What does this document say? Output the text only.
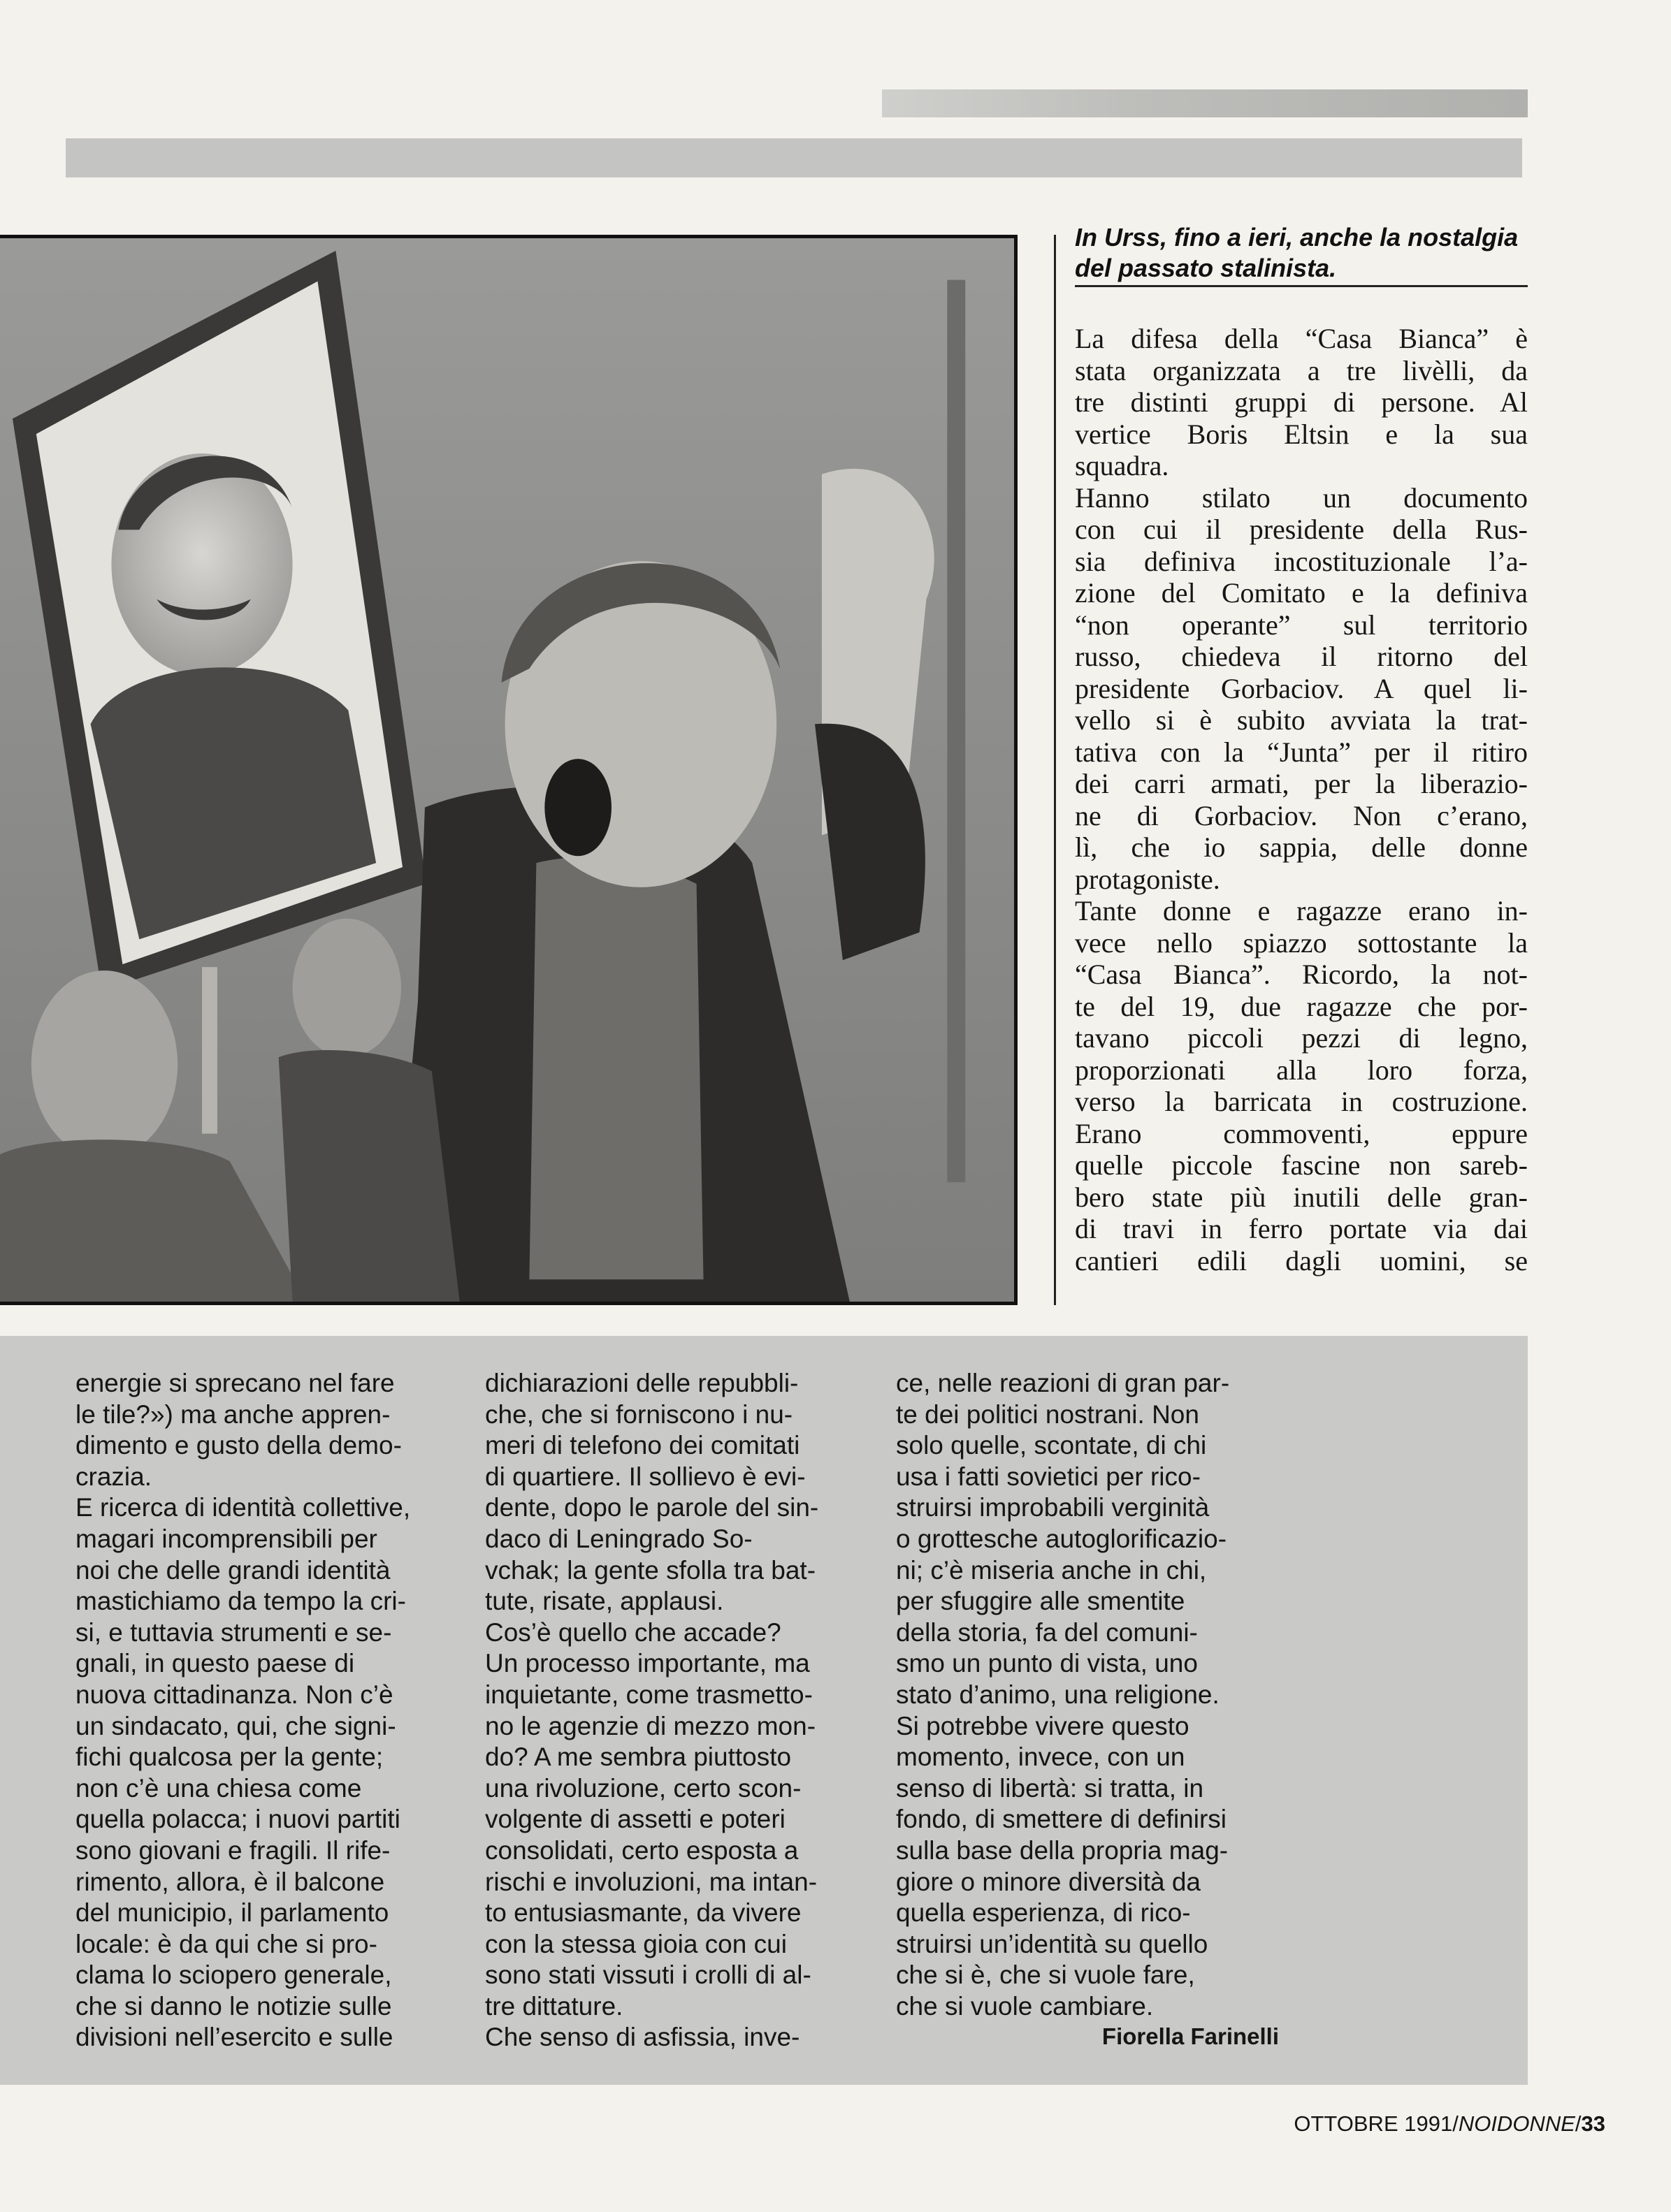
In Urss, fino a ieri, anche la nostalgia
del passato stalinista.
La difesa della “Casa Bianca” è
stata organizzata a tre livèlli, da
tre distinti gruppi di persone. Al
vertice Boris Eltsin e la sua
squadra.
Hanno stilato un documento
con cui il presidente della Rus-
sia definiva incostituzionale l’a-
zione del Comitato e la definiva
“non operante” sul territorio
russo, chiedeva il ritorno del
presidente Gorbaciov. A quel li-
vello si è subito avviata la trat-
tativa con la “Junta” per il ritiro
dei carri armati, per la liberazio-
ne di Gorbaciov. Non c’erano,
lì, che io sappia, delle donne
protagoniste.
Tante donne e ragazze erano in-
vece nello spiazzo sottostante la
“Casa Bianca”. Ricordo, la not-
te del 19, due ragazze che por-
tavano piccoli pezzi di legno,
proporzionati alla loro forza,
verso la barricata in costruzione.
Erano commoventi, eppure
quelle piccole fascine non sareb-
bero state più inutili delle gran-
di travi in ferro portate via dai
cantieri edili dagli uomini, se
energie si sprecano nel fare
le tile?») ma anche appren-
dimento e gusto della demo-
crazia.
E ricerca di identità collettive,
magari incomprensibili per
noi che delle grandi identità
mastichiamo da tempo la cri-
si, e tuttavia strumenti e se-
gnali, in questo paese di
nuova cittadinanza. Non c’è
un sindacato, qui, che signi-
fichi qualcosa per la gente;
non c’è una chiesa come
quella polacca; i nuovi partiti
sono giovani e fragili. Il rife-
rimento, allora, è il balcone
del municipio, il parlamento
locale: è da qui che si pro-
clama lo sciopero generale,
che si danno le notizie sulle
divisioni nell’esercito e sulle
dichiarazioni delle repubbli-
che, che si forniscono i nu-
meri di telefono dei comitati
di quartiere. Il sollievo è evi-
dente, dopo le parole del sin-
daco di Leningrado So-
vchak; la gente sfolla tra bat-
tute, risate, applausi.
Cos’è quello che accade?
Un processo importante, ma
inquietante, come trasmetto-
no le agenzie di mezzo mon-
do? A me sembra piuttosto
una rivoluzione, certo scon-
volgente di assetti e poteri
consolidati, certo esposta a
rischi e involuzioni, ma intan-
to entusiasmante, da vivere
con la stessa gioia con cui
sono stati vissuti i crolli di al-
tre dittature.
Che senso di asfissia, inve-
ce, nelle reazioni di gran par-
te dei politici nostrani. Non
solo quelle, scontate, di chi
usa i fatti sovietici per rico-
struirsi improbabili verginità
o grottesche autoglorificazio-
ni; c’è miseria anche in chi,
per sfuggire alle smentite
della storia, fa del comuni-
smo un punto di vista, uno
stato d’animo, una religione.
Si potrebbe vivere questo
momento, invece, con un
senso di libertà: si tratta, in
fondo, di smettere di definirsi
sulla base della propria mag-
giore o minore diversità da
quella esperienza, di rico-
struirsi un’identità su quello
che si è, che si vuole fare,
che si vuole cambiare.
Fiorella Farinelli
OTTOBRE 1991/NOIDONNE/33
